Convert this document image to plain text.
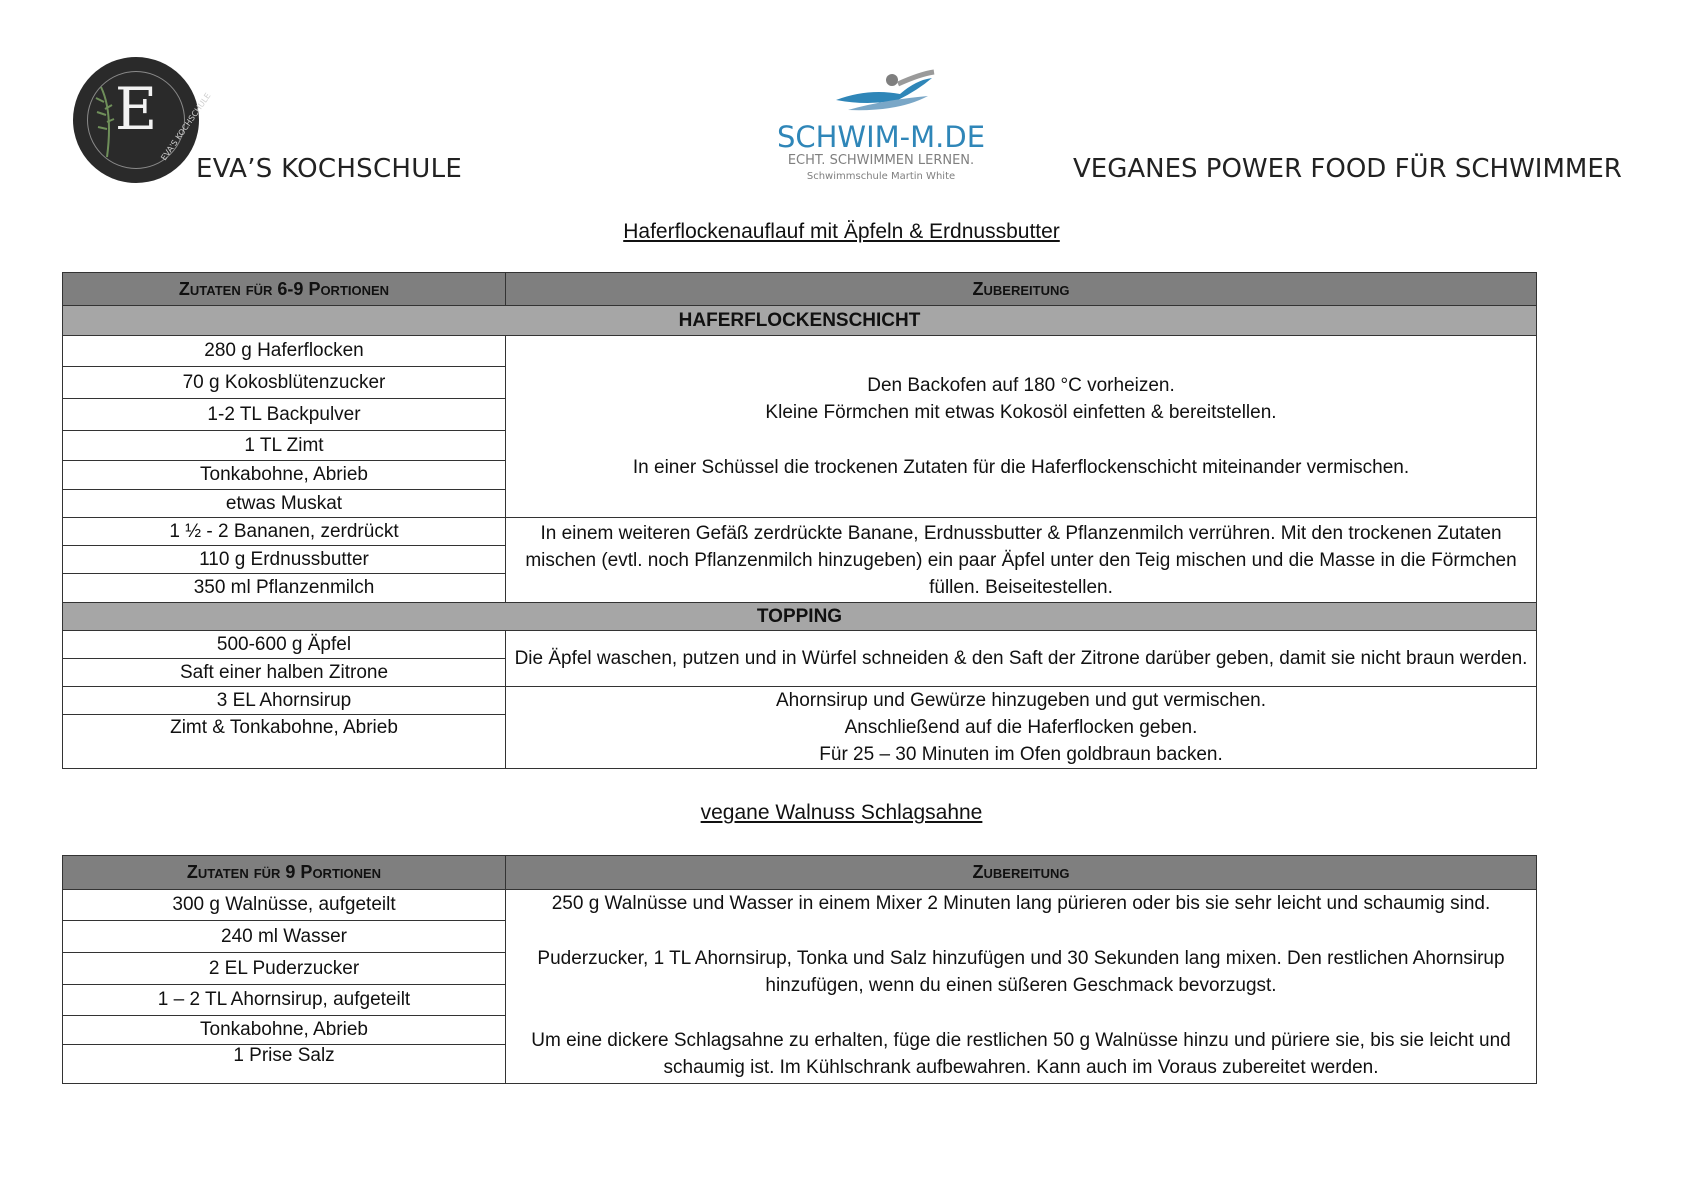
EVA'S KOCHSCHULE
E
EVA’S KOCHSCHULE
SCHWIM-M.DE
ECHT. SCHWIMMEN LERNEN.
Schwimmschule Martin White	VEGANES POWER FOOD FÜR SCHWIMMER
Haferflockenauflauf mit Äpfeln & Erdnussbutter
Zutaten für 6-9 Portionen	Zubereitung
HAFERFLOCKENSCHICHT	
280 g Haferflocken	Den Backofen auf 180 °C vorheizen.
Kleine Förmchen mit etwas Kokosöl einfetten & bereitstellen.
In einer Schüssel die trockenen Zutaten für die Haferflockenschicht miteinander vermischen.

70 g Kokosblütenzucker	
1-2 TL Backpulver	
1 TL Zimt	
Tonkabohne, Abrieb	
etwas Muskat	
1 ½ - 2 Bananen, zerdrückt	In einem weiteren Gefäß zerdrückte Banane, Erdnussbutter & Pflanzenmilch verrühren. Mit den trockenen Zutaten mischen (evtl. noch Pflanzenmilch hinzugeben) ein paar Äpfel unter den Teig mischen und die Masse in die Förmchen füllen. Beiseitestellen.
110 g Erdnussbutter	
350 ml Pflanzenmilch	
TOPPING	
500-600 g Äpfel	Die Äpfel waschen, putzen und in Würfel schneiden & den Saft der Zitrone darüber geben, damit sie nicht braun werden.
Saft einer halben Zitrone	
3 EL Ahornsirup	Ahornsirup und Gewürze hinzugeben und gut vermischen.
Anschließend auf die Haferflocken geben.
Für 25 – 30 Minuten im Ofen goldbraun backen.

Zimt & Tonkabohne, Abrieb	
vegane Walnuss Schlagsahne
Zutaten für 9 Portionen	Zubereitung
300 g Walnüsse, aufgeteilt	250 g Walnüsse und Wasser in einem Mixer 2 Minuten lang pürieren oder bis sie sehr leicht und schaumig sind.
Puderzucker, 1 TL Ahornsirup, Tonka und Salz hinzufügen und 30 Sekunden lang mixen. Den restlichen Ahornsirup hinzufügen, wenn du einen süßeren Geschmack bevorzugst.
Um eine dickere Schlagsahne zu erhalten, füge die restlichen 50 g Walnüsse hinzu und püriere sie, bis sie leicht und schaumig ist. Im Kühlschrank aufbewahren. Kann auch im Voraus zubereitet werden.

240 ml Wasser	
2 EL Puderzucker	
1 – 2 TL Ahornsirup, aufgeteilt	
Tonkabohne, Abrieb	
1 Prise Salz	
